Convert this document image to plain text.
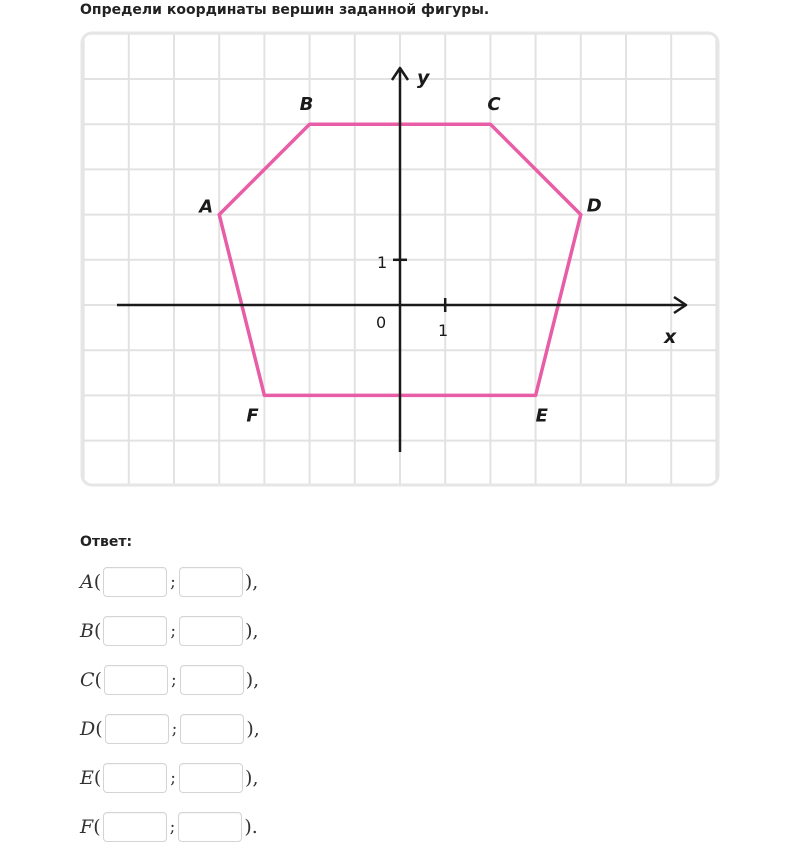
Определи координаты вершин заданной фигуры.
y
x
0	1
1
A
B	C
D
E
F
Ответ:
A (	;	),
B (	;	),
C (	;	),
D (	;	),
E (	;	),
F (	;	).
